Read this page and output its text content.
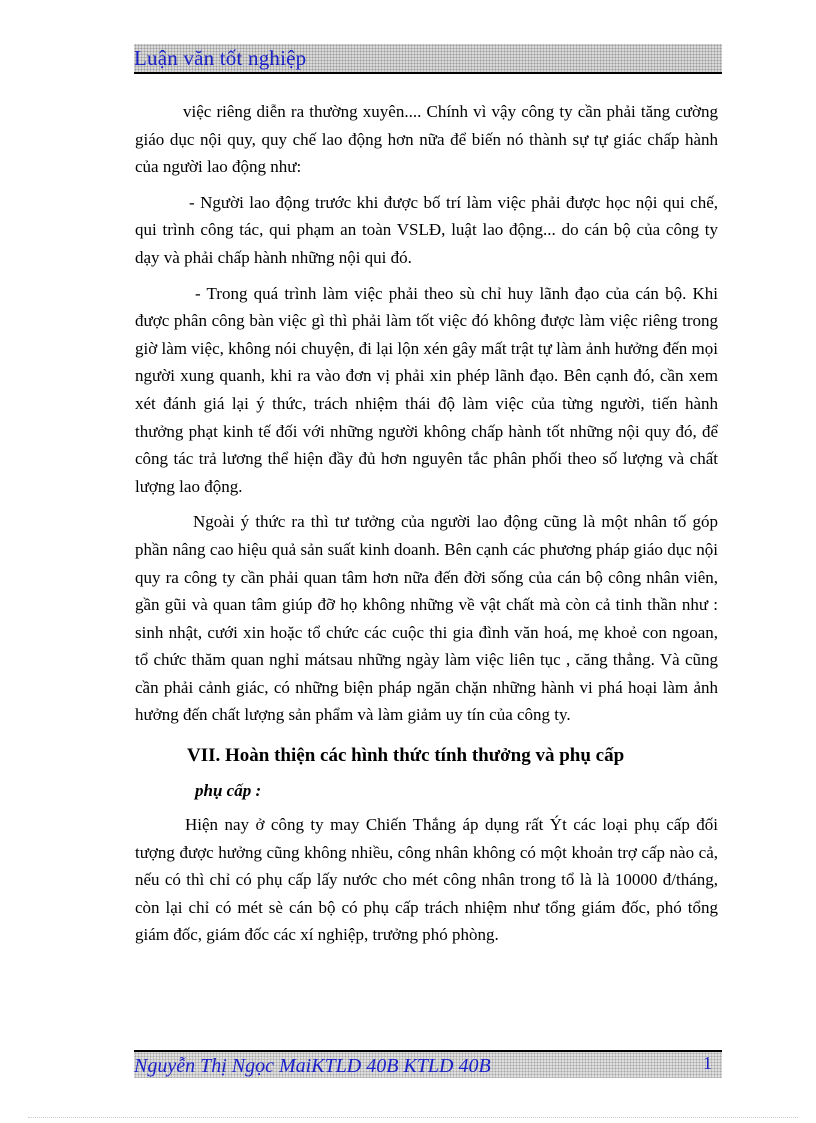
Luận văn tốt nghiệp

việc riêng diễn ra thường xuyên.... Chính vì vậy công ty cần phải tăng cường giáo dục nội quy, quy chế lao động hơn nữa để biến nó thành sự tự giác chấp hành của người lao động như:

- Người lao động trước khi được bố trí làm việc phải được học nội qui chế, qui trình công tác, qui phạm an toàn VSLĐ, luật lao động... do cán bộ của công ty dạy và phải chấp hành những nội qui đó.

- Trong quá trình làm việc phải theo sù chỉ huy lãnh đạo của cán bộ. Khi được phân công bàn việc gì thì phải làm tốt việc đó không được làm việc riêng trong giờ làm việc, không nói chuyện, đi lại lộn xén gây mất trật tự làm ảnh hưởng đến mọi người xung quanh, khi ra vào đơn vị phải xin phép lãnh đạo. Bên cạnh đó, cần xem xét đánh giá lại ý thức, trách nhiệm thái độ làm việc của từng người, tiến hành thưởng phạt kinh tế đối với những người không chấp hành tốt những nội quy đó, để công tác trả lương thể hiện đầy đủ hơn nguyên tắc phân phối theo số lượng và chất lượng lao động.

Ngoài ý thức ra thì tư tưởng của người lao động cũng là một nhân tố góp phần nâng cao hiệu quả sản suất kinh doanh. Bên cạnh các phương pháp giáo dục nội quy ra công ty cần phải quan tâm hơn nữa đến đời sống của cán bộ công nhân viên, gần gũi và quan tâm giúp đỡ họ không những về vật chất mà còn cả tinh thần như : sinh nhật, cưới xin hoặc tổ chức các cuộc thi gia đình văn hoá, mẹ khoẻ con ngoan, tổ chức thăm quan nghỉ mátsau những ngày làm việc liên tục , căng thẳng. Và cũng cần phải cảnh giác, có những biện pháp ngăn chặn những hành vi phá hoại làm ảnh hưởng đến chất lượng sản phẩm và làm giảm uy tín của công ty.

VII. Hoàn thiện các hình thức tính thưởng và phụ cấp
phụ cấp :

Hiện nay ở công ty may Chiến Thắng áp dụng rất Ýt các loại phụ cấp đối tượng được hưởng cũng không nhiều, công nhân không có một khoản trợ cấp nào cả, nếu có thì chỉ có phụ cấp lấy nước cho mét công nhân trong tổ là là 10000 đ/tháng, còn lại chỉ có mét sè cán bộ có phụ cấp trách nhiệm như tổng giám đốc, phó tổng giám đốc, giám đốc các xí nghiệp, trưởng phó phòng.

Nguyễn Thị Ngọc MaiKTLD 40B KTLD 40B	1
